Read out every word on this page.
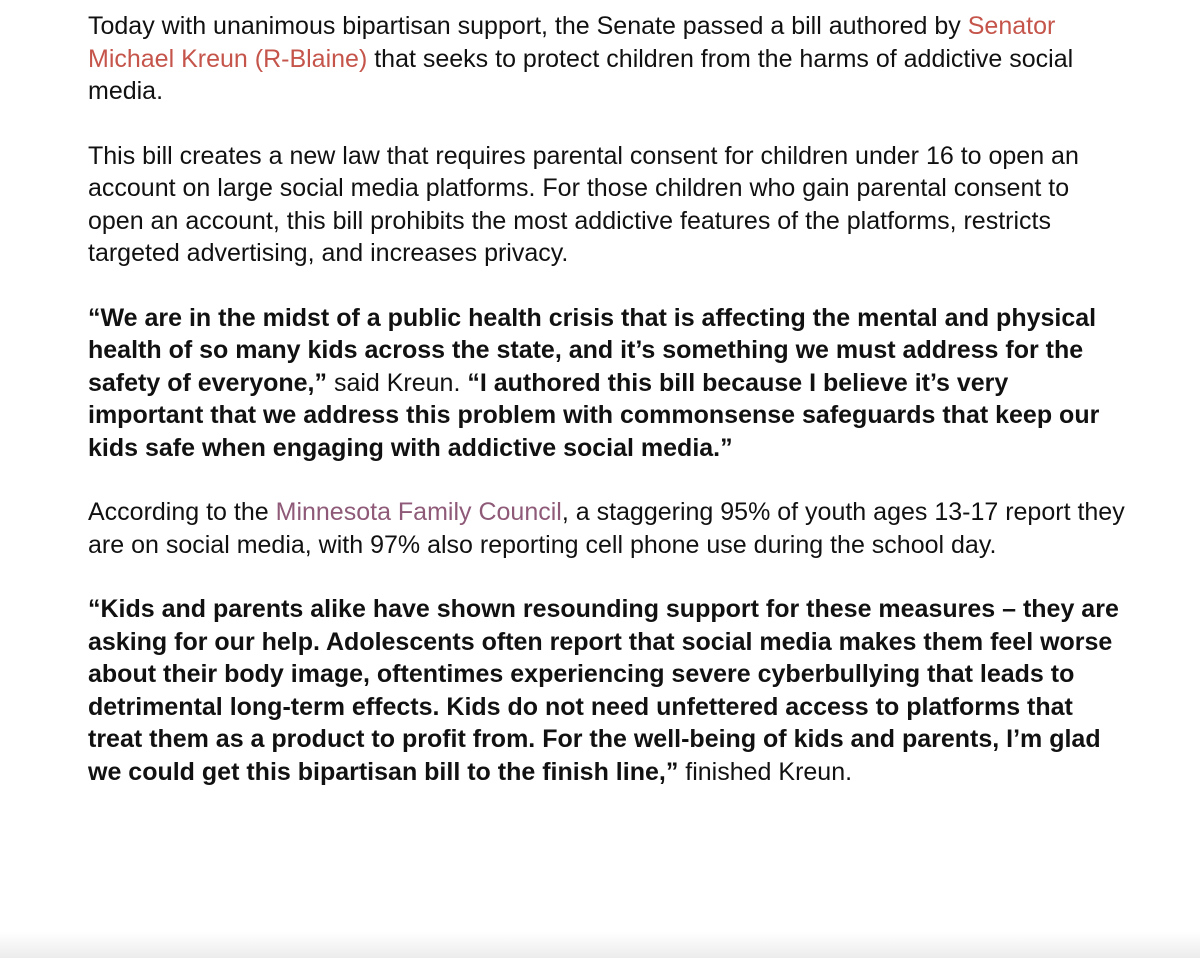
Today with unanimous bipartisan support, the Senate passed a bill authored by Senator Michael Kreun (R-Blaine) that seeks to protect children from the harms of addictive social media.

This bill creates a new law that requires parental consent for children under 16 to open an account on large social media platforms. For those children who gain parental consent to open an account, this bill prohibits the most addictive features of the platforms, restricts targeted advertising, and increases privacy.

“We are in the midst of a public health crisis that is affecting the mental and physical health of so many kids across the state, and it’s something we must address for the safety of everyone,” said Kreun. “I authored this bill because I believe it’s very important that we address this problem with commonsense safeguards that keep our kids safe when engaging with addictive social media.”

According to the Minnesota Family Council, a staggering 95% of youth ages 13-17 report they are on social media, with 97% also reporting cell phone use during the school day.

“Kids and parents alike have shown resounding support for these measures – they are asking for our help. Adolescents often report that social media makes them feel worse about their body image, oftentimes experiencing severe cyberbullying that leads to detrimental long-term effects. Kids do not need unfettered access to platforms that treat them as a product to profit from. For the well-being of kids and parents, I’m glad we could get this bipartisan bill to the finish line,” finished Kreun.
